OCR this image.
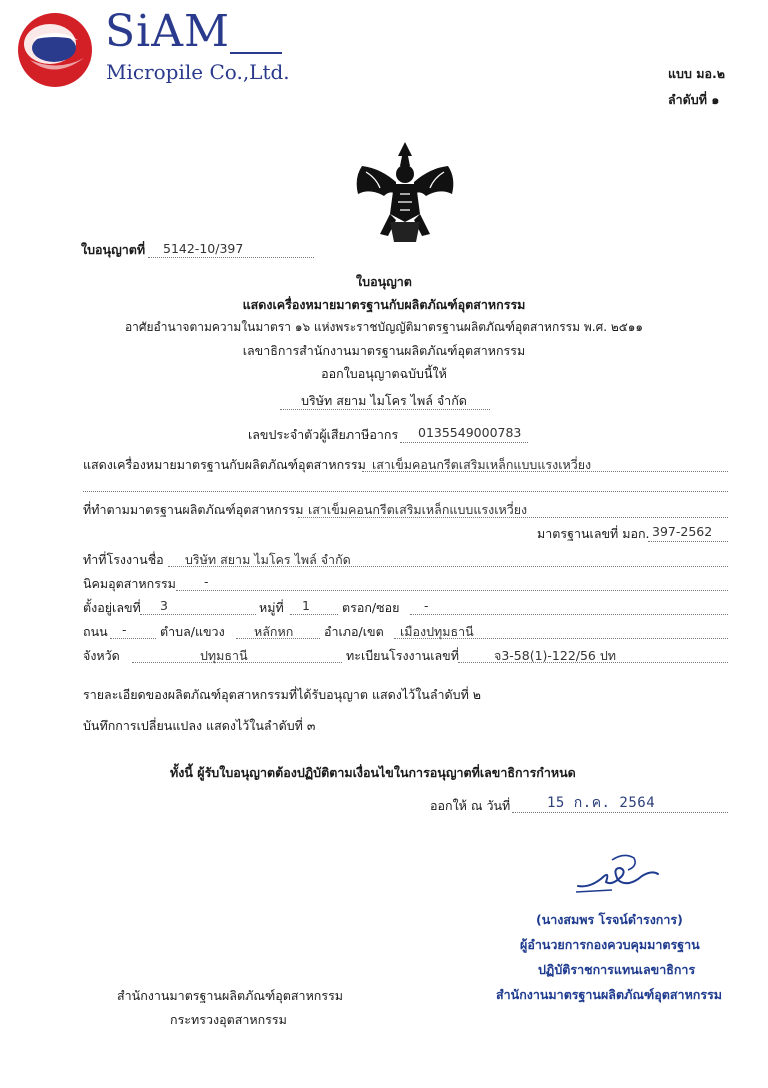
SiAM
Micropile Co.,Ltd.	แบบ มอ.๒
ลำดับที่ ๑
ใบอนุญาตที่ 5142-10/397
ใบอนุญาต
แสดงเครื่องหมายมาตรฐานกับผลิตภัณฑ์อุตสาหกรรม
อาศัยอำนาจตามความในมาตรา ๑๖ แห่งพระราชบัญญัติมาตรฐานผลิตภัณฑ์อุตสาหกรรม พ.ศ. ๒๕๑๑
เลขาธิการสำนักงานมาตรฐานผลิตภัณฑ์อุตสาหกรรม
ออกใบอนุญาตฉบับนี้ให้
บริษัท สยาม ไมโคร ไพล์ จำกัด
เลขประจำตัวผู้เสียภาษีอากร 0135549000783
แสดงเครื่องหมายมาตรฐานกับผลิตภัณฑ์อุตสาหกรรม เสาเข็มคอนกรีตเสริมเหล็กแบบแรงเหวี่ยง
ที่ทำตามมาตรฐานผลิตภัณฑ์อุตสาหกรรม เสาเข็มคอนกรีตเสริมเหล็กแบบแรงเหวี่ยง
มาตรฐานเลขที่ มอก. 397-2562
ทำที่โรงงานชื่อ บริษัท สยาม ไมโคร ไพล์ จำกัด
นิคมอุตสาหกรรม -
ตั้งอยู่เลขที่ 3	หมู่ที่ 1	ตรอก/ซอย -
ถนน -	ตำบล/แขวง หลักหก อำเภอ/เขต เมืองปทุมธานี
จังหวัด	ปทุมธานี	ทะเบียนโรงงานเลขที่	จ3-58(1)-122/56 ปท
รายละเอียดของผลิตภัณฑ์อุตสาหกรรมที่ได้รับอนุญาต แสดงไว้ในลำดับที่ ๒
บันทึกการเปลี่ยนแปลง แสดงไว้ในลำดับที่ ๓
ทั้งนี้ ผู้รับใบอนุญาตต้องปฏิบัติตามเงื่อนไขในการอนุญาตที่เลขาธิการกำหนด
ออกให้ ณ วันที่	15 ก.ค. 2564
(นางสมพร โรจน์ดำรงการ)
ผู้อำนวยการกองควบคุมมาตรฐาน
ปฏิบัติราชการแทนเลขาธิการ
สำนักงานมาตรฐานผลิตภัณฑ์อุตสาหกรรม
สำนักงานมาตรฐานผลิตภัณฑ์อุตสาหกรรม
กระทรวงอุตสาหกรรม
